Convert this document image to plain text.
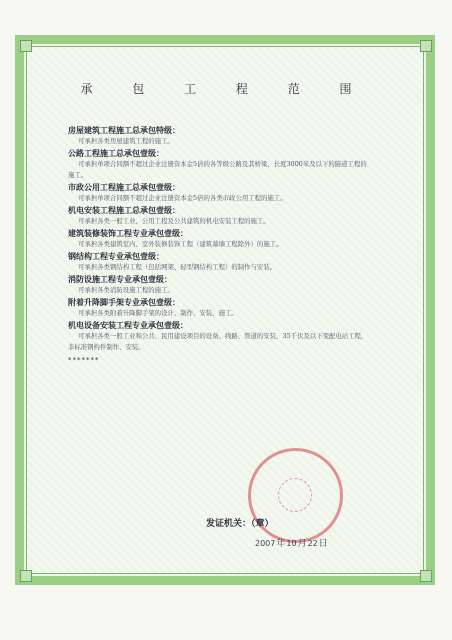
承 包 工 程 范 围

房屋建筑工程施工总承包特级：

可承担各类房屋建筑工程的施工。

公路工程施工总承包壹级：

可承担单项合同额不超过企业注册资本金5倍的各等级公路及其桥梁、长度3000米及以下的隧道工程的施工。

市政公用工程施工总承包壹级：

可承担单项合同额不超过企业注册资本金5倍的各类市政公用工程的施工。

机电安装工程施工总承包壹级：

可承担各类一般工业、公用工程及公共建筑的机电安装工程的施工。

建筑装修装饰工程专业承包壹级：

可承担各类建筑室内、室外装修装饰工程（建筑幕墙工程除外）的施工。

钢结构工程专业承包壹级：

可承担各类钢结构工程（包括网架、轻型钢结构工程）的制作与安装。

消防设施工程专业承包壹级：

可承担各类消防设施工程的施工。

附着升降脚手架专业承包壹级：

可承担各类附着升降脚手架的设计、制作、安装、施工。

机电设备安装工程专业承包壹级：

可承担各类一般工业和公共、民用建设项目的设备、线路、管道的安装，35千伏及以下变配电站工程，非标准钢构件制作、安装。

*******
发证机关：（章）
2007年10月22日
